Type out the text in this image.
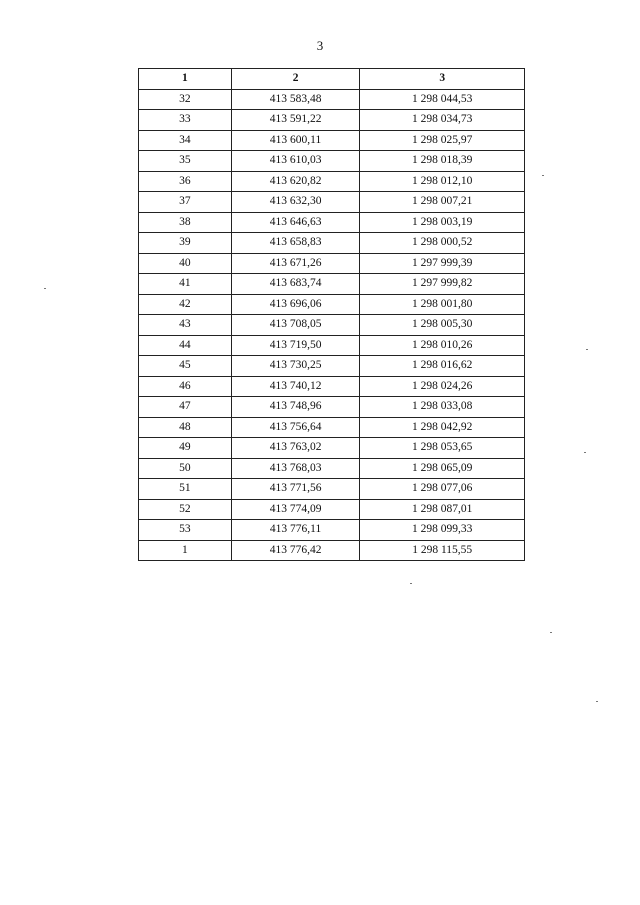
3
1	2	3
32	413 583,48	1 298 044,53
33	413 591,22	1 298 034,73
34	413 600,11	1 298 025,97
35	413 610,03	1 298 018,39
36	413 620,82	1 298 012,10
37	413 632,30	1 298 007,21
38	413 646,63	1 298 003,19
39	413 658,83	1 298 000,52
40	413 671,26	1 297 999,39
41	413 683,74	1 297 999,82
42	413 696,06	1 298 001,80
43	413 708,05	1 298 005,30
44	413 719,50	1 298 010,26
45	413 730,25	1 298 016,62
46	413 740,12	1 298 024,26
47	413 748,96	1 298 033,08
48	413 756,64	1 298 042,92
49	413 763,02	1 298 053,65
50	413 768,03	1 298 065,09
51	413 771,56	1 298 077,06
52	413 774,09	1 298 087,01
53	413 776,11	1 298 099,33
1	413 776,42	1 298 115,55
